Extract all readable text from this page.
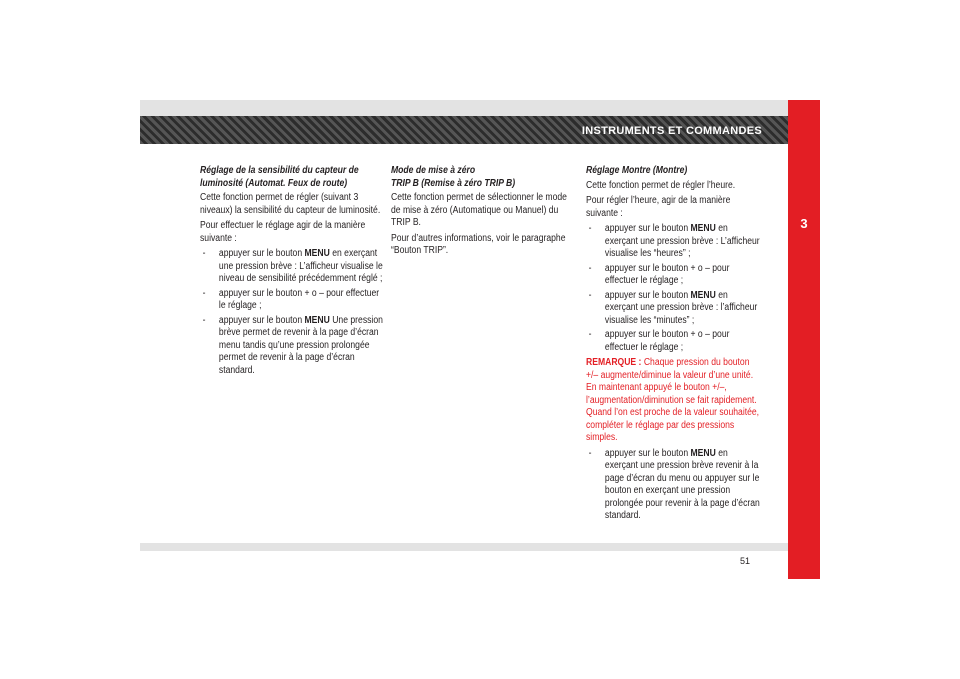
INSTRUMENTS ET COMMANDES
3
51
Réglage de la sensibilité du capteur de
luminosité (Automat. Feux de route)

Cette fonction permet de régler (suivant 3 niveaux) la sensibilité du capteur de luminosité.

Pour effectuer le réglage agir de la manière suivante :

- appuyer sur le bouton MENU en exerçant une pression brève : L’afficheur visualise le niveau de sensibilité précédemment réglé ;
- appuyer sur le bouton + o – pour effectuer le réglage ;
- appuyer sur le bouton MENU Une pression brève permet de revenir à la page d’écran menu tandis qu’une pression prolongée permet de revenir à la page d’écran standard.
Mode de mise à zéro
TRIP B (Remise à zéro TRIP B)

Cette fonction permet de sélectionner le mode de mise à zéro (Automatique ou Manuel) du TRIP B.

Pour d’autres informations, voir le paragraphe “Bouton TRIP”.

Réglage Montre (Montre)

Cette fonction permet de régler l’heure.

Pour régler l’heure, agir de la manière suivante :

- appuyer sur le bouton MENU en exerçant une pression brève : L’afficheur visualise les “heures” ;
- appuyer sur le bouton + o – pour effectuer le réglage ;
- appuyer sur le bouton MENU en exerçant une pression brève : l’afficheur visualise les “minutes” ;
- appuyer sur le bouton + o – pour effectuer le réglage ;

REMARQUE : Chaque pression du bouton +/– augmente/diminue la valeur d’une unité. En maintenant appuyé le bouton +/–, l’augmentation/diminution se fait rapidement. Quand l’on est proche de la valeur souhaitée, compléter le réglage par des pressions simples.

- appuyer sur le bouton MENU en exerçant une pression brève revenir à la page d’écran du menu ou appuyer sur le bouton en exerçant une pression prolongée pour revenir à la page d’écran standard.
